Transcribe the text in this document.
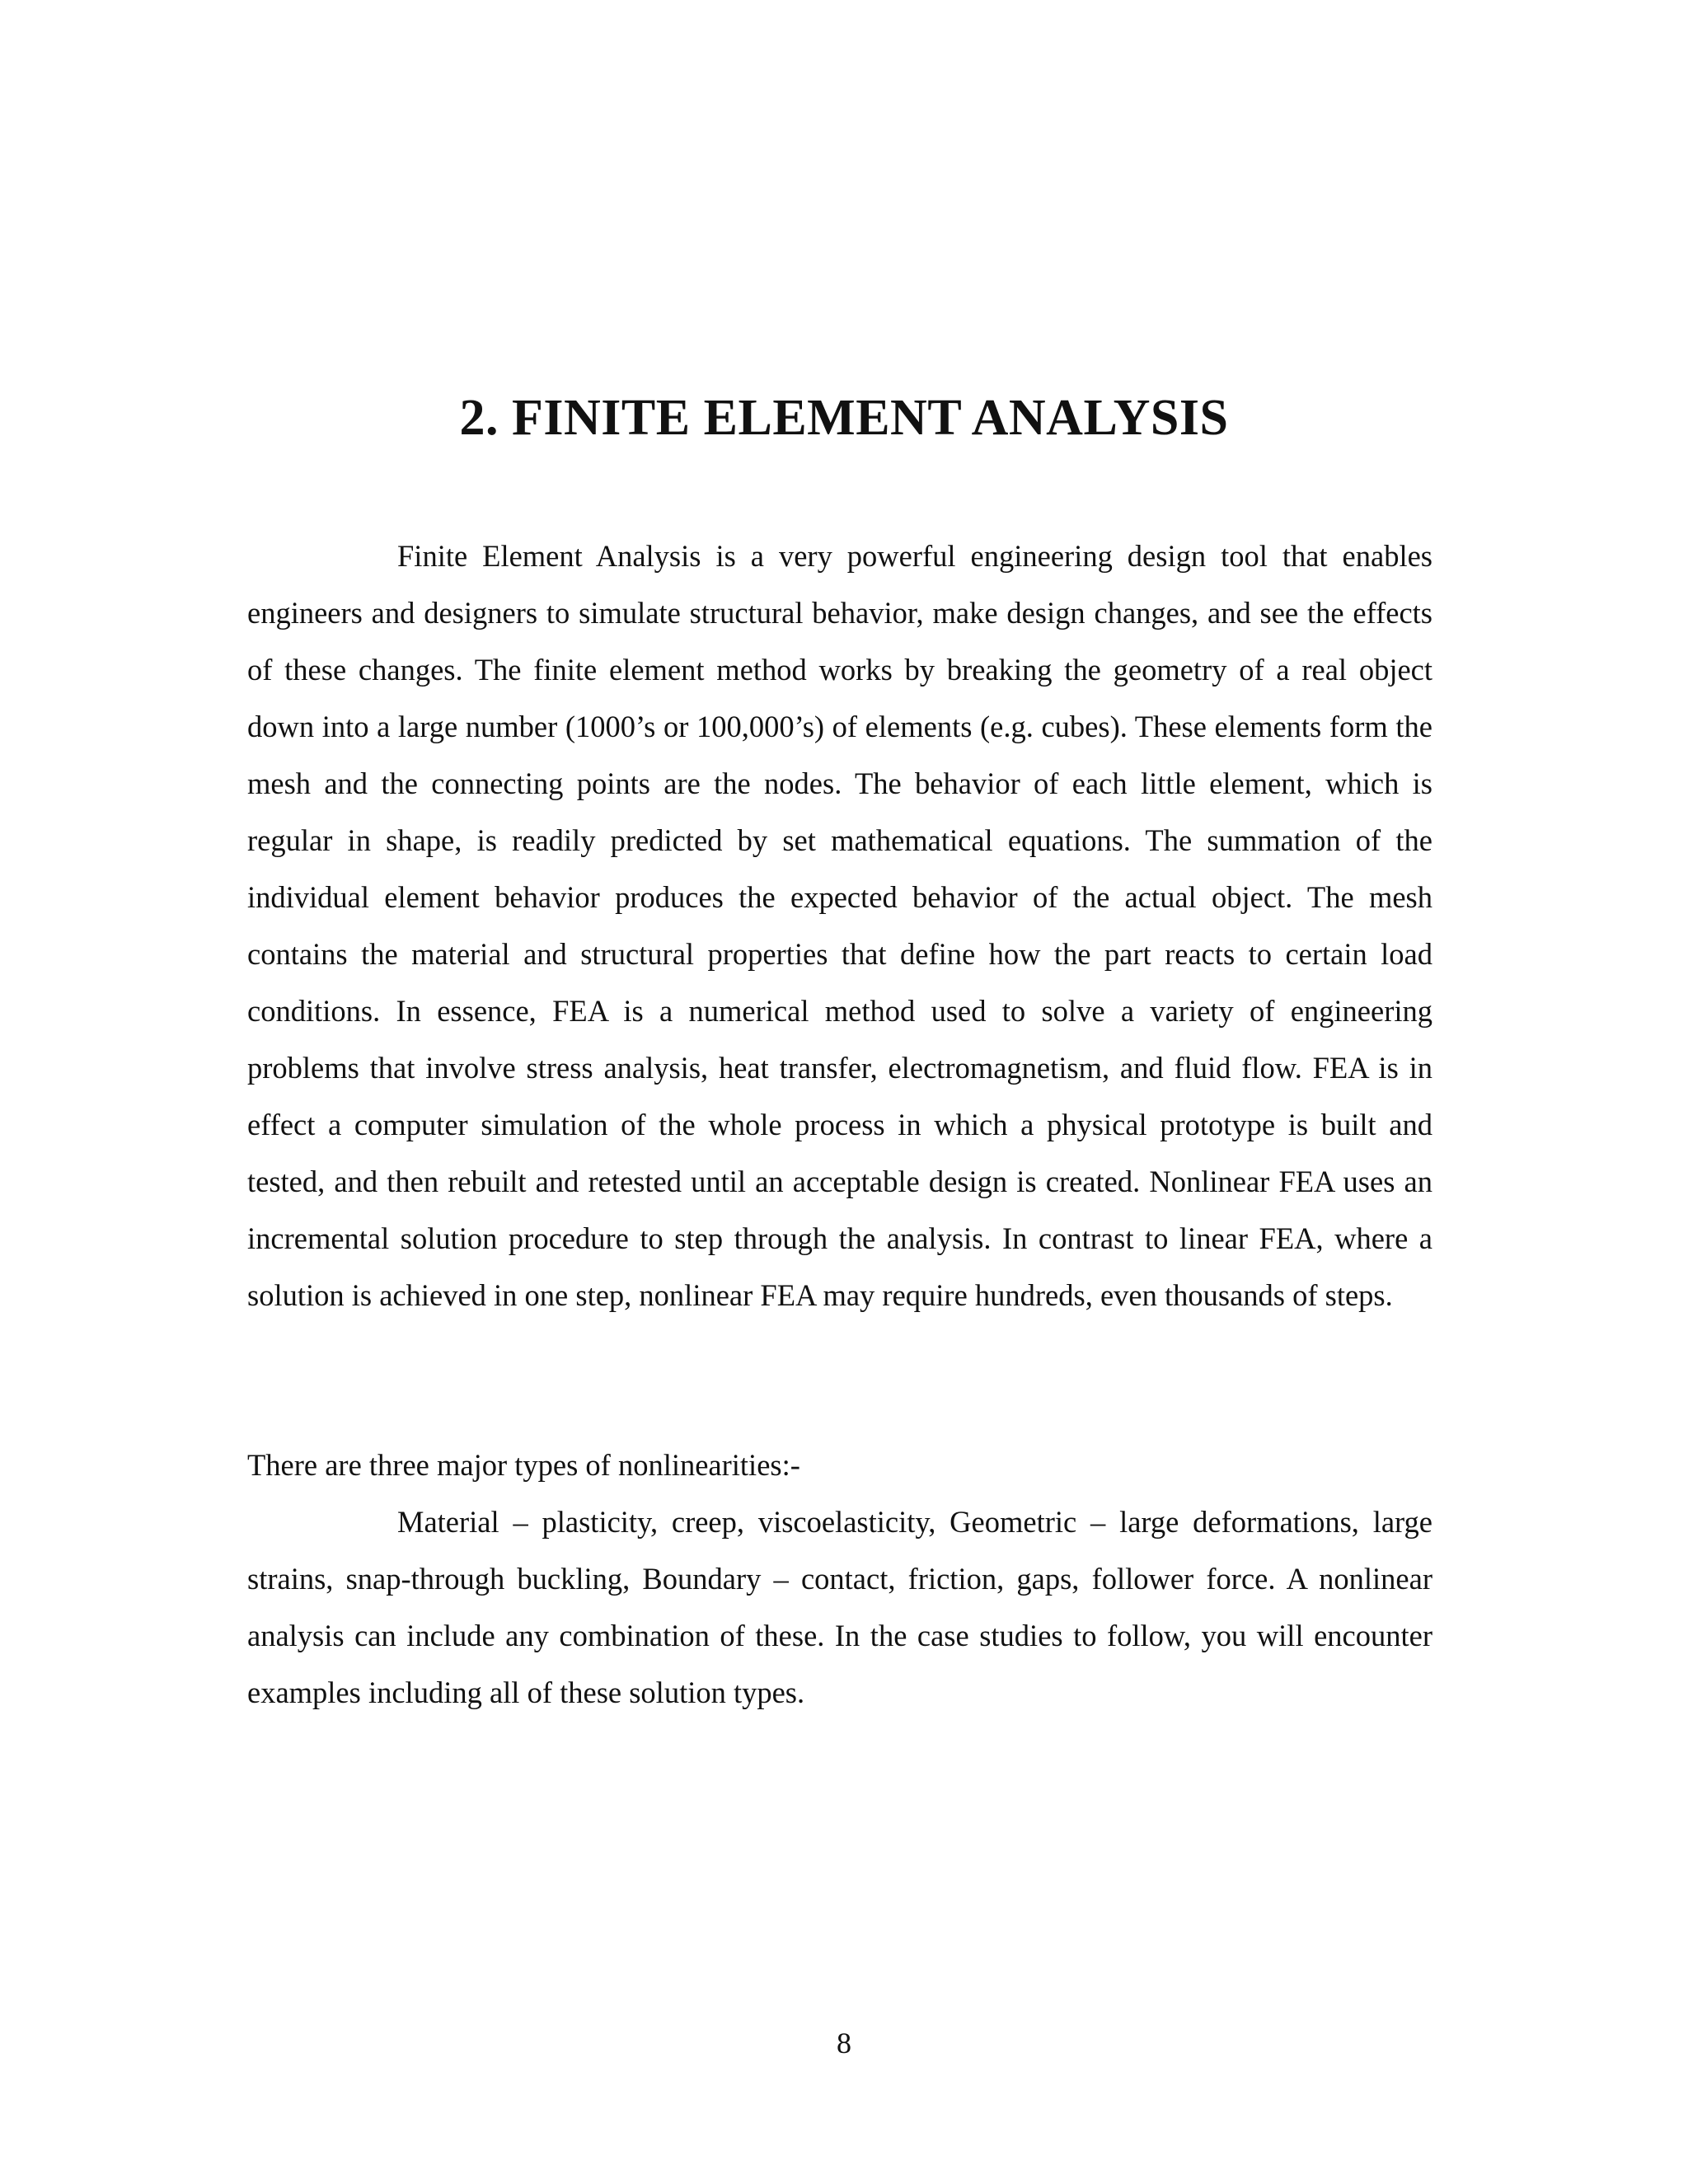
2. FINITE ELEMENT ANALYSIS

Finite Element Analysis is a very powerful engineering design tool that enables engineers and designers to simulate structural behavior, make design changes, and see the effects of these changes. The finite element method works by breaking the geometry of a real object down into a large number (1000’s or 100,000’s) of elements (e.g. cubes). These elements form the mesh and the connecting points are the nodes. The behavior of each little element, which is regular in shape, is readily predicted by set mathematical equations. The summation of the individual element behavior produces the expected behavior of the actual object. The mesh contains the material and structural properties that define how the part reacts to certain load conditions. In essence, FEA is a numerical method used to solve a variety of engineering problems that involve stress analysis, heat transfer, electromagnetism, and fluid flow. FEA is in effect a computer simulation of the whole process in which a physical prototype is built and tested, and then rebuilt and retested until an acceptable design is created. Nonlinear FEA uses an incremental solution procedure to step through the analysis. In contrast to linear FEA, where a solution is achieved in one step, nonlinear FEA may require hundreds, even thousands of steps.

There are three major types of nonlinearities:-

Material – plasticity, creep, viscoelasticity, Geometric – large deformations, large strains, snap-through buckling, Boundary – contact, friction, gaps, follower force. A nonlinear analysis can include any combination of these. In the case studies to follow, you will encounter examples including all of these solution types.

8
